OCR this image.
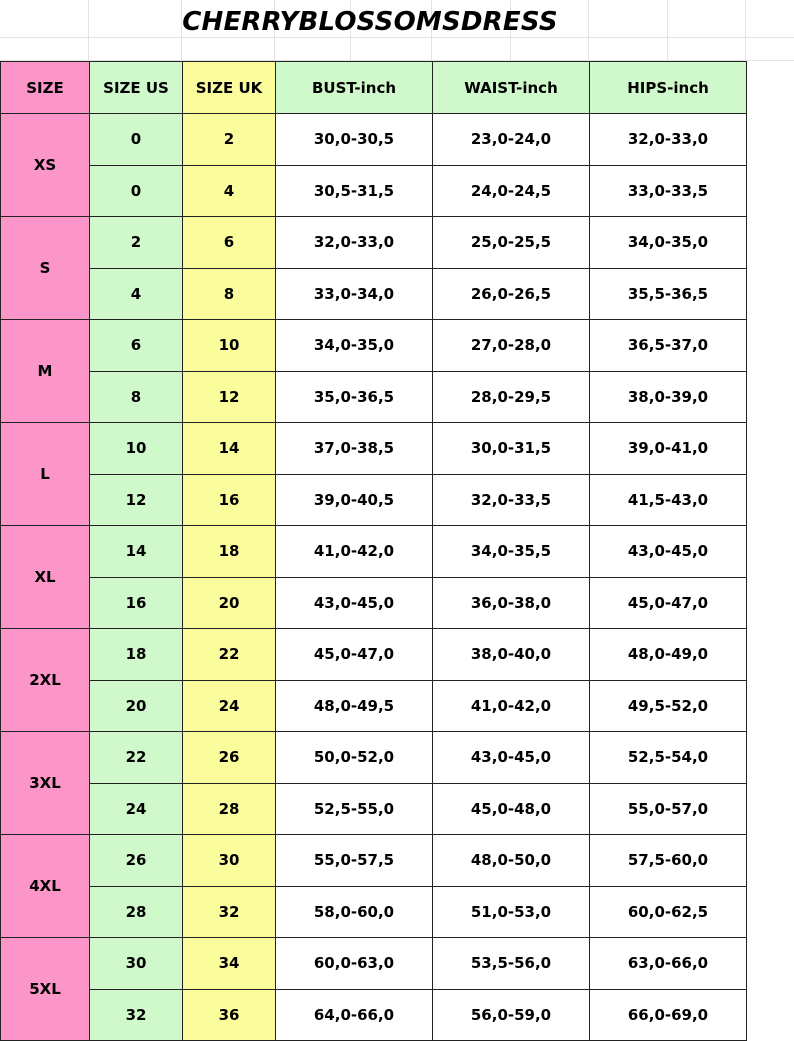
CHERRYBLOSSOMSDRESS
SIZE	SIZE US	SIZE UK	BUST-inch	WAIST-inch	HIPS-inch
XS	0	2	30,0-30,5	23,0-24,0	32,0-33,0
	0	4	30,5-31,5	24,0-24,5	33,0-33,5
S	2	6	32,0-33,0	25,0-25,5	34,0-35,0
	4	8	33,0-34,0	26,0-26,5	35,5-36,5
M	6	10	34,0-35,0	27,0-28,0	36,5-37,0
	8	12	35,0-36,5	28,0-29,5	38,0-39,0
L	10	14	37,0-38,5	30,0-31,5	39,0-41,0
	12	16	39,0-40,5	32,0-33,5	41,5-43,0
XL	14	18	41,0-42,0	34,0-35,5	43,0-45,0
	16	20	43,0-45,0	36,0-38,0	45,0-47,0
2XL	18	22	45,0-47,0	38,0-40,0	48,0-49,0
	20	24	48,0-49,5	41,0-42,0	49,5-52,0
3XL	22	26	50,0-52,0	43,0-45,0	52,5-54,0
	24	28	52,5-55,0	45,0-48,0	55,0-57,0
4XL	26	30	55,0-57,5	48,0-50,0	57,5-60,0
	28	32	58,0-60,0	51,0-53,0	60,0-62,5
5XL	30	34	60,0-63,0	53,5-56,0	63,0-66,0
	32	36	64,0-66,0	56,0-59,0	66,0-69,0
